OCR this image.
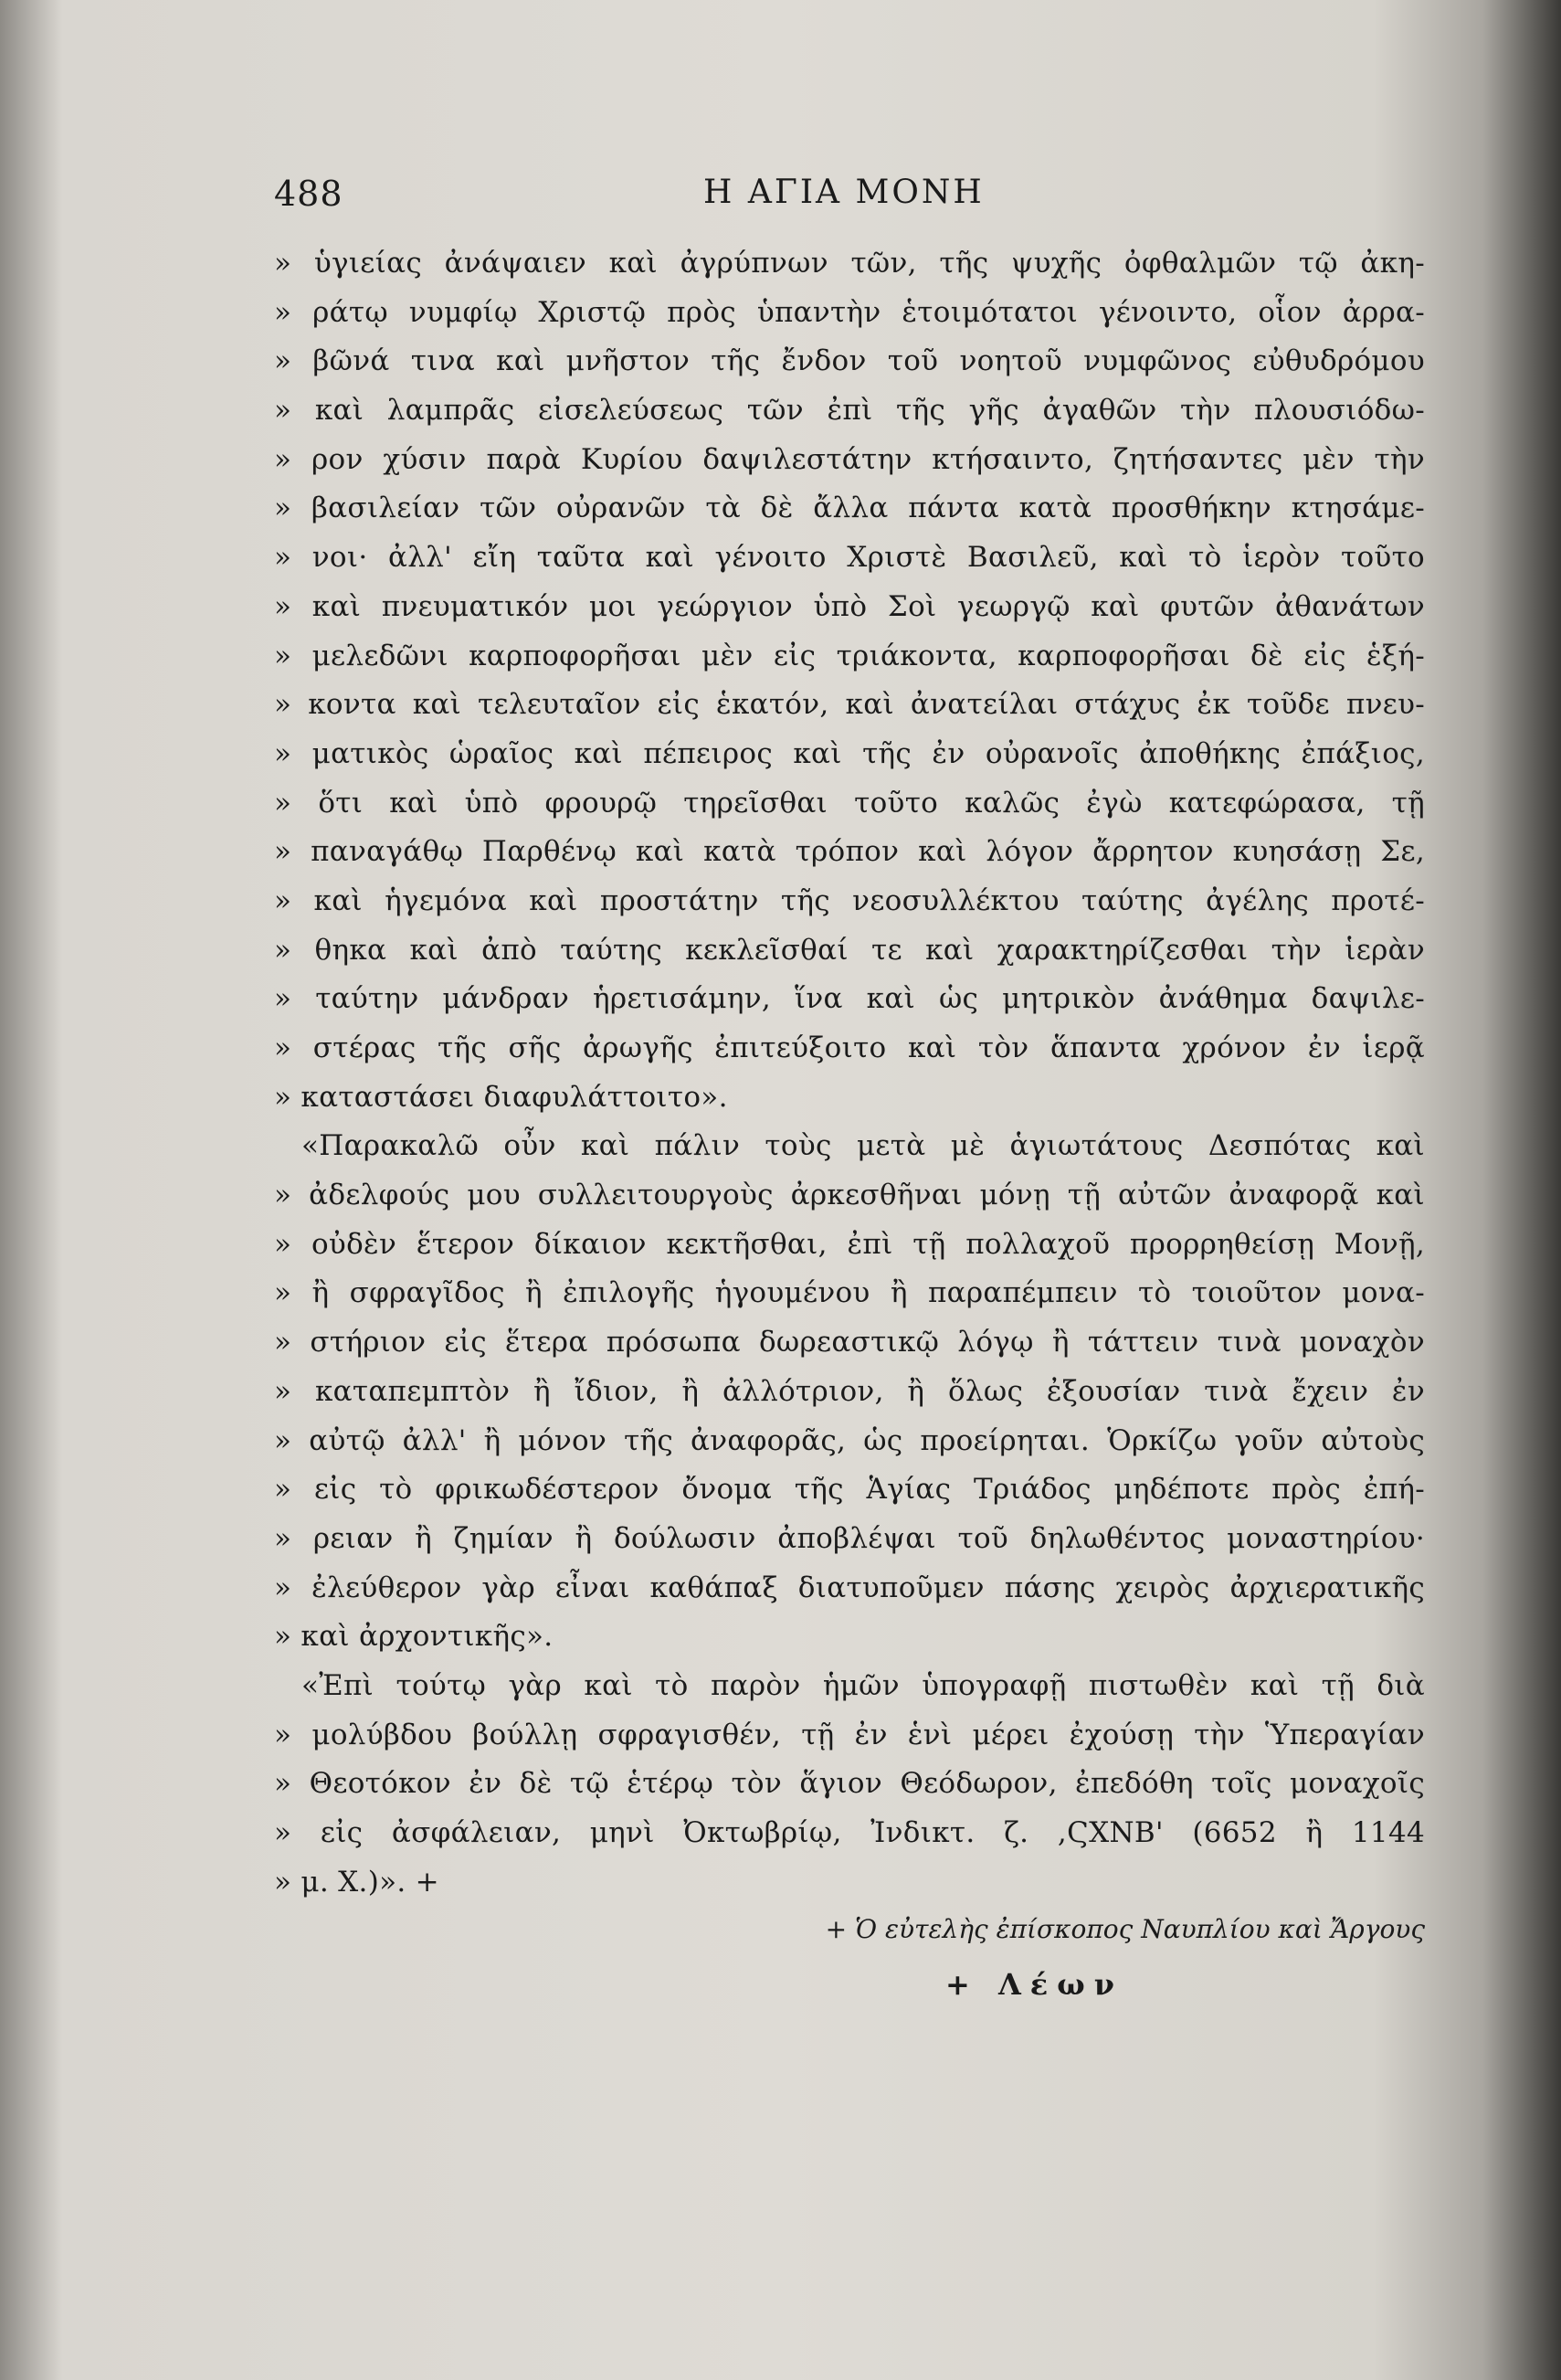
488	Η ΑΓΙΑ ΜΟΝΗ
» ὑγιείας ἀνάψαιεν καὶ ἀγρύπνων τῶν, τῆς ψυχῆς ὀφθαλμῶν τῷ ἀκη-
» ράτῳ νυμφίῳ Χριστῷ πρὸς ὑπαντὴν ἑτοιμότατοι γένοιντο, οἷον ἀρρα-
» βῶνά τινα καὶ μνῆστον τῆς ἔνδον τοῦ νοητοῦ νυμφῶνος εὐθυδρόμου
» καὶ λαμπρᾶς εἰσελεύσεως τῶν ἐπὶ τῆς γῆς ἀγαθῶν τὴν πλουσιόδω-
» ρον χύσιν παρὰ Κυρίου δαψιλεστάτην κτήσαιντο, ζητήσαντες μὲν τὴν
» βασιλείαν τῶν οὐρανῶν τὰ δὲ ἄλλα πάντα κατὰ προσθήκην κτησάμε-
» νοι· ἀλλ' εἴη ταῦτα καὶ γένοιτο Χριστὲ Βασιλεῦ, καὶ τὸ ἱερὸν τοῦτο
» καὶ πνευματικόν μοι γεώργιον ὑπὸ Σοὶ γεωργῷ καὶ φυτῶν ἀθανάτων
» μελεδῶνι καρποφορῆσαι μὲν εἰς τριάκοντα, καρποφορῆσαι δὲ εἰς ἑξή-
» κοντα καὶ τελευταῖον εἰς ἑκατόν, καὶ ἀνατείλαι στάχυς ἐκ τοῦδε πνευ-
» ματικὸς ὡραῖος καὶ πέπειρος καὶ τῆς ἐν οὐρανοῖς ἀποθήκης ἐπάξιος,
» ὅτι καὶ ὑπὸ φρουρῷ τηρεῖσθαι τοῦτο καλῶς ἐγὼ κατεφώρασα, τῇ
» παναγάθῳ Παρθένῳ καὶ κατὰ τρόπον καὶ λόγον ἄρρητον κυησάσῃ Σε,
» καὶ ἡγεμόνα καὶ προστάτην τῆς νεοσυλλέκτου ταύτης ἀγέλης προτέ-
» θηκα καὶ ἀπὸ ταύτης κεκλεῖσθαί τε καὶ χαρακτηρίζεσθαι τὴν ἱερὰν
» ταύτην μάνδραν ἡρετισάμην, ἵνα καὶ ὡς μητρικὸν ἀνάθημα δαψιλε-
» στέρας τῆς σῆς ἀρωγῆς ἐπιτεύξοιτο καὶ τὸν ἅπαντα χρόνον ἐν ἱερᾷ
» καταστάσει διαφυλάττοιτο».
«Παρακαλῶ οὖν καὶ πάλιν τοὺς μετὰ μὲ ἁγιωτάτους Δεσπότας καὶ
» ἀδελφούς μου συλλειτουργοὺς ἀρκεσθῆναι μόνῃ τῇ αὐτῶν ἀναφορᾷ καὶ
» οὐδὲν ἕτερον δίκαιον κεκτῆσθαι, ἐπὶ τῇ πολλαχοῦ προρρηθείσῃ Μονῇ,
» ἢ σφραγῖδος ἢ ἐπιλογῆς ἡγουμένου ἢ παραπέμπειν τὸ τοιοῦτον μονα-
» στήριον εἰς ἕτερα πρόσωπα δωρεαστικῷ λόγῳ ἢ τάττειν τινὰ μοναχὸν
» καταπεμπτὸν ἢ ἴδιον, ἢ ἀλλότριον, ἢ ὅλως ἐξουσίαν τινὰ ἔχειν ἐν
» αὐτῷ ἀλλ' ἢ μόνον τῆς ἀναφορᾶς, ὡς προείρηται. Ὁρκίζω γοῦν αὐτοὺς
» εἰς τὸ φρικωδέστερον ὄνομα τῆς Ἁγίας Τριάδος μηδέποτε πρὸς ἐπή-
» ρειαν ἢ ζημίαν ἢ δούλωσιν ἀποβλέψαι τοῦ δηλωθέντος μοναστηρίου·
» ἐλεύθερον γὰρ εἶναι καθάπαξ διατυποῦμεν πάσης χειρὸς ἀρχιερατικῆς
» καὶ ἀρχοντικῆς».
«Ἐπὶ τούτῳ γὰρ καὶ τὸ παρὸν ἡμῶν ὑπογραφῇ πιστωθὲν καὶ τῇ διὰ
» μολύβδου βούλλῃ σφραγισθέν, τῇ ἐν ἑνὶ μέρει ἐχούσῃ τὴν Ὑπεραγίαν
» Θεοτόκον ἐν δὲ τῷ ἑτέρῳ τὸν ἅγιον Θεόδωρον, ἐπεδόθη τοῖς μοναχοῖς
» εἰς ἀσφάλειαν, μηνὶ Ὀκτωβρίῳ, Ἰνδικτ. ζ. ,ϚΧΝΒ' (6652 ἢ 1144
» μ. Χ.)». +
+ Ὁ εὐτελὴς ἐπίσκοπος Ναυπλίου καὶ Ἄργους
+ Λέων
